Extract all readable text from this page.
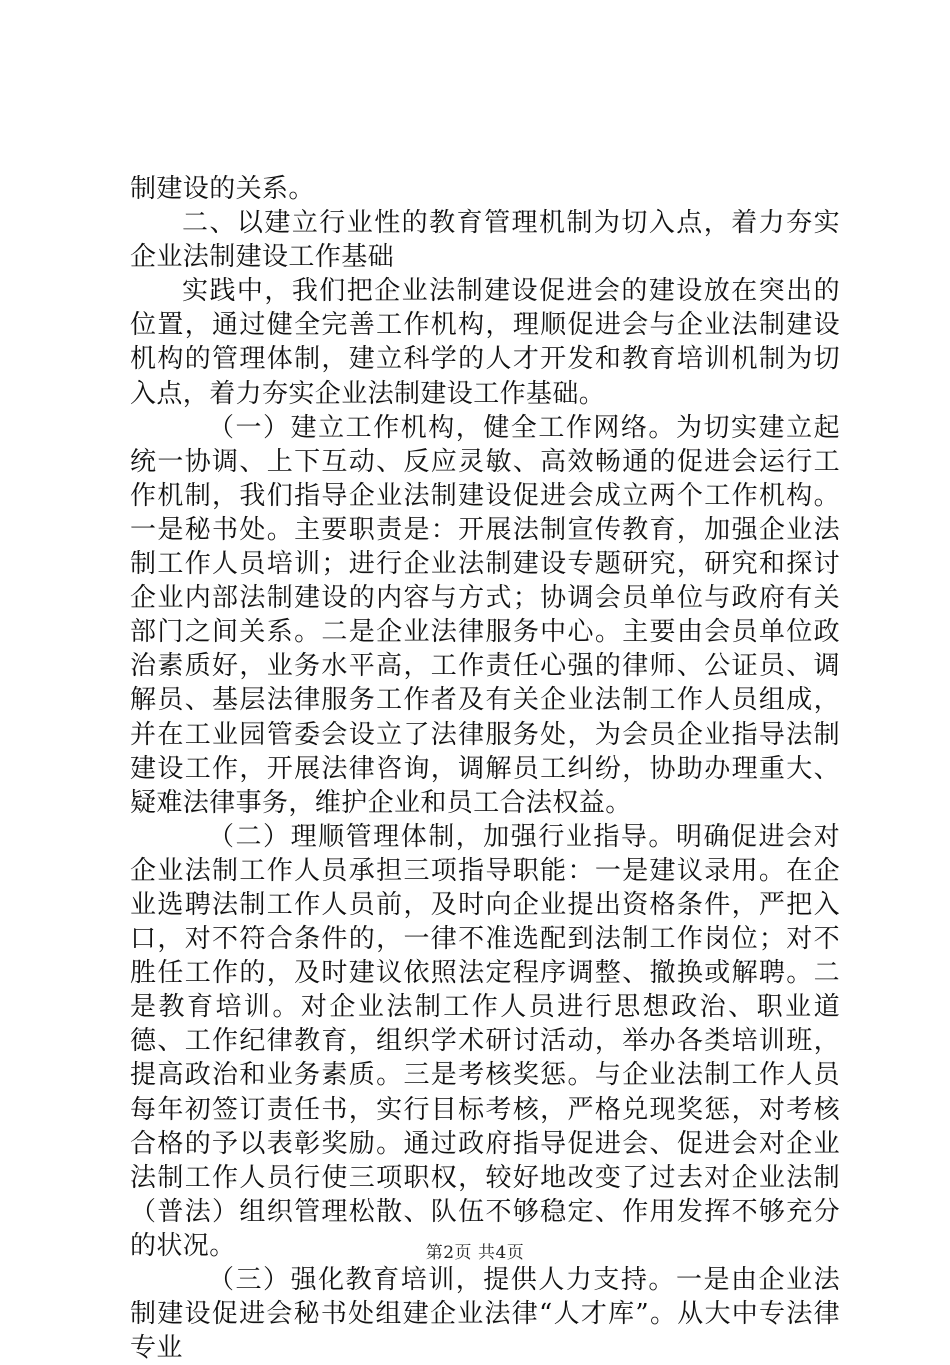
制建设的关系。

二、以建立行业性的教育管理机制为切入点，着力夯实企业法制建设工作基础

实践中，我们把企业法制建设促进会的建设放在突出的位置，通过健全完善工作机构，理顺促进会与企业法制建设机构的管理体制，建立科学的人才开发和教育培训机制为切入点，着力夯实企业法制建设工作基础。

（一）建立工作机构，健全工作网络。为切实建立起统一协调、上下互动、反应灵敏、高效畅通的促进会运行工作机制，我们指导企业法制建设促进会成立两个工作机构。一是秘书处。主要职责是：开展法制宣传教育，加强企业法制工作人员培训；进行企业法制建设专题研究，研究和探讨企业内部法制建设的内容与方式；协调会员单位与政府有关部门之间关系。二是企业法律服务中心。主要由会员单位政治素质好，业务水平高，工作责任心强的律师、公证员、调解员、基层法律服务工作者及有关企业法制工作人员组成，并在工业园管委会设立了法律服务处，为会员企业指导法制建设工作，开展法律咨询，调解员工纠纷，协助办理重大、疑难法律事务，维护企业和员工合法权益。

（二）理顺管理体制，加强行业指导。明确促进会对企业法制工作人员承担三项指导职能：一是建议录用。在企业选聘法制工作人员前，及时向企业提出资格条件，严把入口，对不符合条件的，一律不准选配到法制工作岗位；对不胜任工作的，及时建议依照法定程序调整、撤换或解聘。二是教育培训。对企业法制工作人员进行思想政治、职业道德、工作纪律教育，组织学术研讨活动，举办各类培训班，提高政治和业务素质。三是考核奖惩。与企业法制工作人员每年初签订责任书，实行目标考核，严格兑现奖惩，对考核合格的予以表彰奖励。通过政府指导促进会、促进会对企业法制工作人员行使三项职权，较好地改变了过去对企业法制（普法）组织管理松散、队伍不够稳定、作用发挥不够充分的状况。

（三）强化教育培训，提供人力支持。一是由企业法制建设促进会秘书处组建企业法律“人才库”。从大中专法律专业

第2页 共4页
